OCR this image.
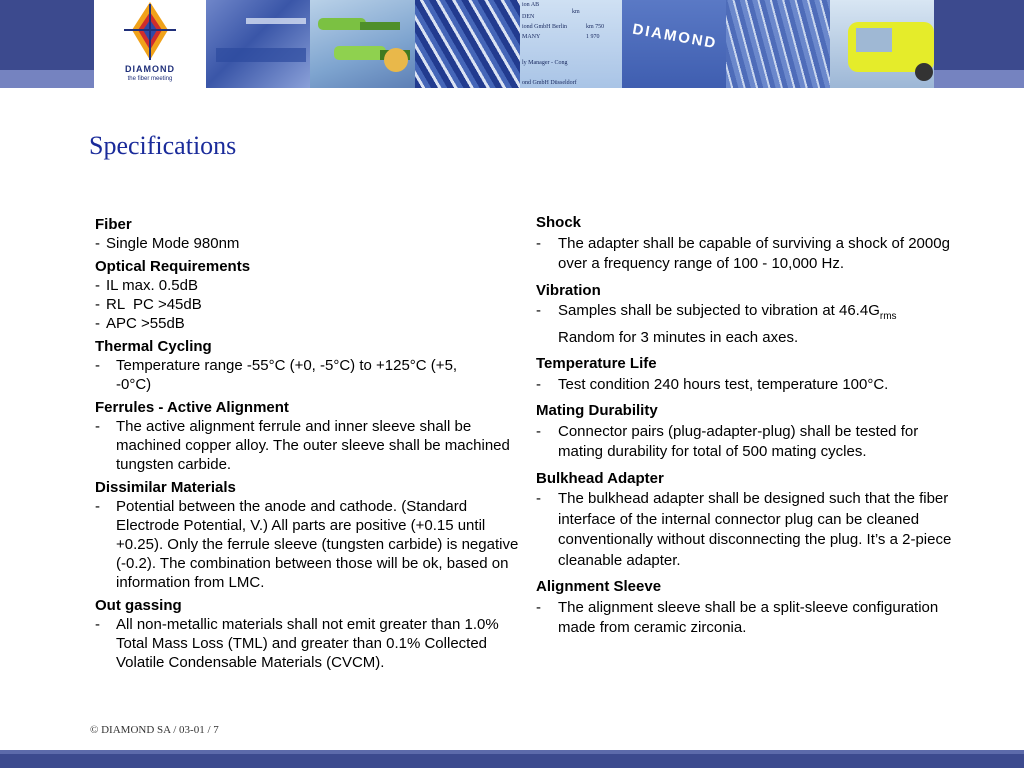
DIAMOND
the fiber meeting
ion AB
DEN
iond GmbH Berlin
MANY
km
km 750
1 970
ly Manager - Cong
ond GmbH Düsseldorf
DIAMOND
Specifications
Fiber
- Single Mode 980nm
Optical Requirements
- IL max. 0.5dB
- RL  PC >45dB
- APC >55dB
Thermal Cycling
- Temperature range -55°C (+0, -5°C) to +125°C (+5, -0°C)
Ferrules - Active Alignment
- The active alignment ferrule and inner sleeve shall be machined copper alloy. The outer sleeve shall be machined tungsten carbide.
Dissimilar Materials
- Potential between the anode and cathode. (Standard Electrode Potential, V.) All parts are positive (+0.15 until +0.25). Only the ferrule sleeve (tungsten carbide) is negative (-0.2). The combination between those will be ok, based on information from LMC.
Out gassing
- All non-metallic materials shall not emit greater than 1.0% Total Mass Loss (TML) and greater than 0.1% Collected Volatile Condensable Materials (CVCM).
Shock
- The adapter shall be capable of surviving a shock of 2000g over a frequency range of 100 - 10,000 Hz.
Vibration
- Samples shall be subjected to vibration at $46.4G_{rms}$ Random for 3 minutes in each axes.
Temperature Life
- Test condition 240 hours test, temperature 100°C.
Mating Durability
- Connector pairs (plug-adapter-plug) shall be tested for mating durability for total of 500 mating cycles.
Bulkhead Adapter
- The bulkhead adapter shall be designed such that the fiber interface of the internal connector plug can be cleaned conventionally without disconnecting the plug. It’s a 2-piece cleanable adapter.
Alignment Sleeve
- The alignment sleeve shall be a split-sleeve configuration made from ceramic zirconia.
© DIAMOND SA / 03-01 / 7
